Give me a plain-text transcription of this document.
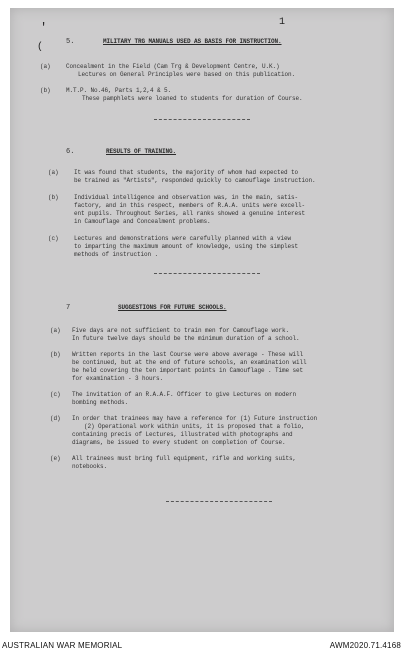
'
(
1
5.	MILITARY TRG MANUALS USED AS BASIS FOR INSTRUCTION.
(a)	Concealment in the Field (Cam Trg & Development Centre, U.K.)
Lectures on General Principles were based on this publication.
(b)	M.T.P. No.46, Parts 1,2,4 & 5.
These pamphlets were loaned to students for duration of Course.
6.	RESULTS OF TRAINING.
(a)	It was found that students, the majority of whom had expected to
be trained as "Artists", responded quickly to camouflage instruction.
(b)	Individual intelligence and observation was, in the main, satis-
factory, and in this respect, members of R.A.A. units were excell-
ent pupils. Throughout Series, all ranks showed a genuine interest
in Camouflage and Concealment problems.
(c)	Lectures and demonstrations were carefully planned with a view
to imparting the maximum amount of knowledge, using the simplest
methods of instruction .
7	SUGGESTIONS FOR FUTURE SCHOOLS.
(a) Five days are not sufficient to train men for Camouflage work.
In future twelve days should be the minimum duration of a school.
(b) Written reports in the last Course were above average - These will
be continued, but at the end of future schools, an examination will
be held covering the ten important points in Camouflage . Time set
for examination - 3 hours.
(c) The invitation of an R.A.A.F. Officer to give Lectures on modern
bombing methods.
(d) In order that trainees may have a reference for (1) Future instruction
(2) Operational work within units, it is proposed that a folio,
containing precis of Lectures, illustrated with photographs and
diagrams, be issued to every student on completion of Course.
(e) All trainees must bring full equipment, rifle and working suits,
notebooks.
AUSTRALIAN WAR MEMORIAL	AWM2020.71.4168
